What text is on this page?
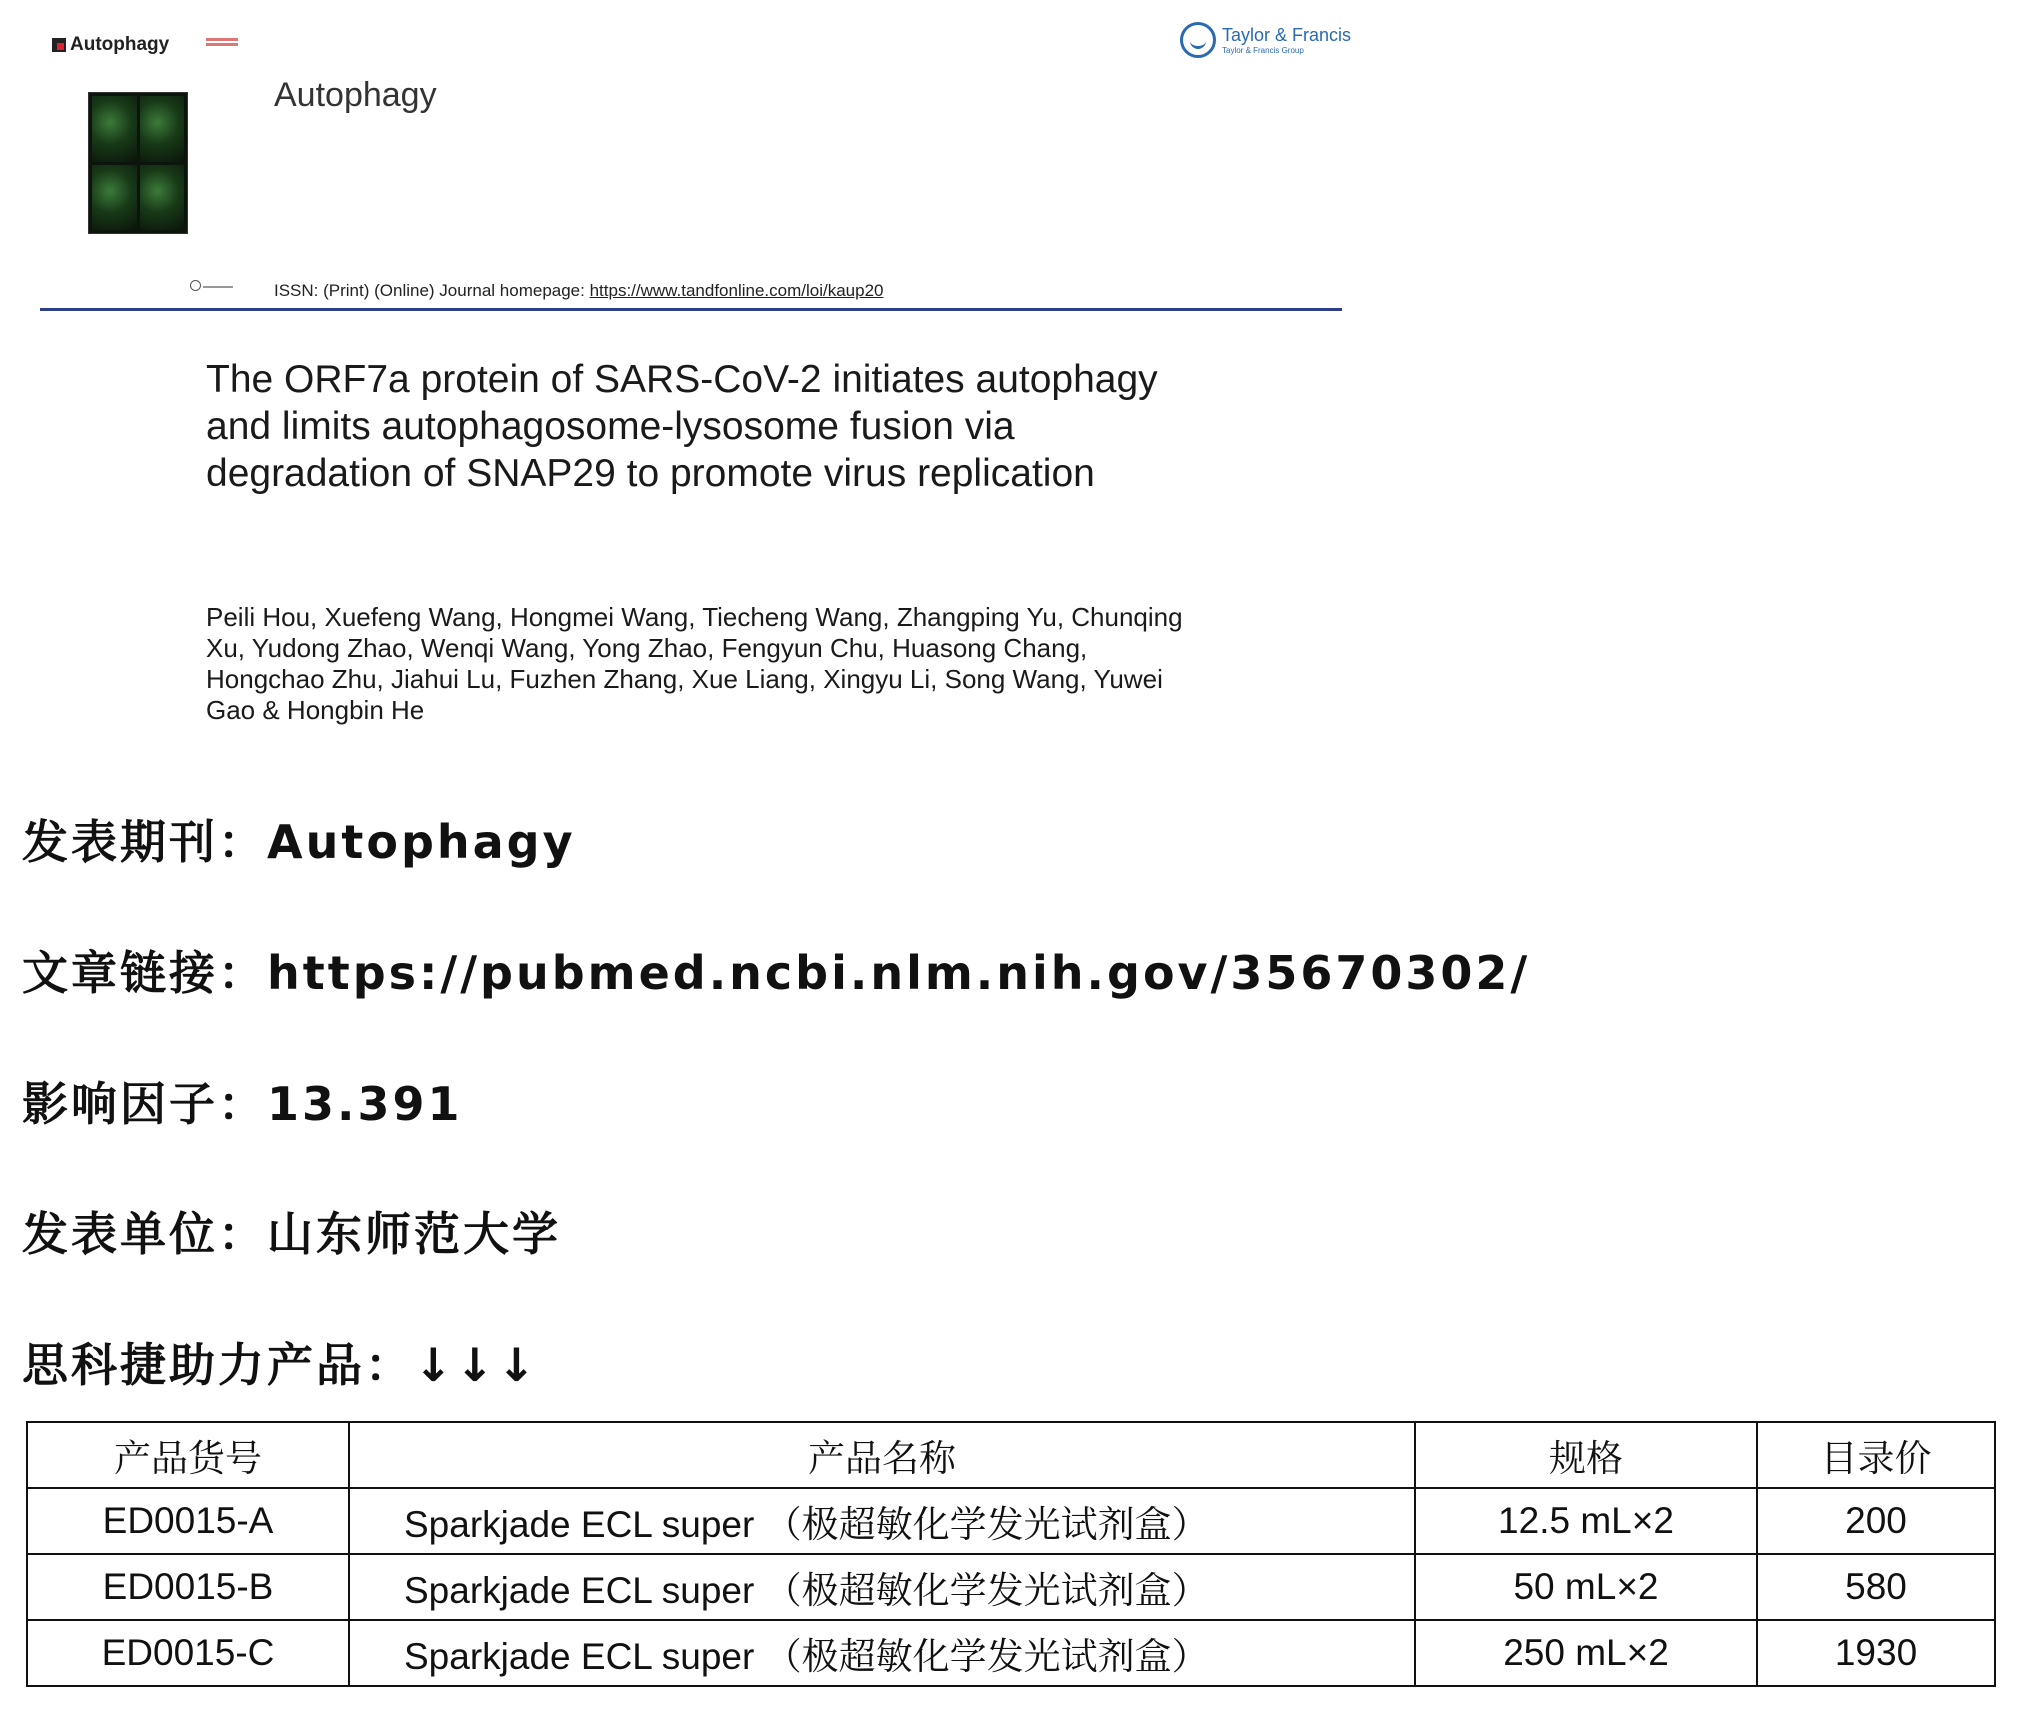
Autophagy
Autophagy
Taylor & Francis
Taylor & Francis Group
ISSN: (Print) (Online) Journal homepage: https://www.tandfonline.com/loi/kaup20
The ORF7a protein of SARS-CoV-2 initiates autophagy and limits autophagosome-lysosome fusion via degradation of SNAP29 to promote virus replication
Peili Hou, Xuefeng Wang, Hongmei Wang, Tiecheng Wang, Zhangping Yu, Chunqing Xu, Yudong Zhao, Wenqi Wang, Yong Zhao, Fengyun Chu, Huasong Chang, Hongchao Zhu, Jiahui Lu, Fuzhen Zhang, Xue Liang, Xingyu Li, Song Wang, Yuwei Gao & Hongbin He
发表期刊：Autophagy
文章链接：https://pubmed.ncbi.nlm.nih.gov/35670302/
影响因子：13.391
发表单位：山东师范大学
思科捷助力产品：↓↓↓
产品货号	产品名称	规格	目录价
ED0015-A	Sparkjade ECL super （极超敏化学发光试剂盒）	12.5 mL×2	200
ED0015-B	Sparkjade ECL super （极超敏化学发光试剂盒）	50 mL×2	580
ED0015-C	Sparkjade ECL super （极超敏化学发光试剂盒）	250 mL×2	1930
